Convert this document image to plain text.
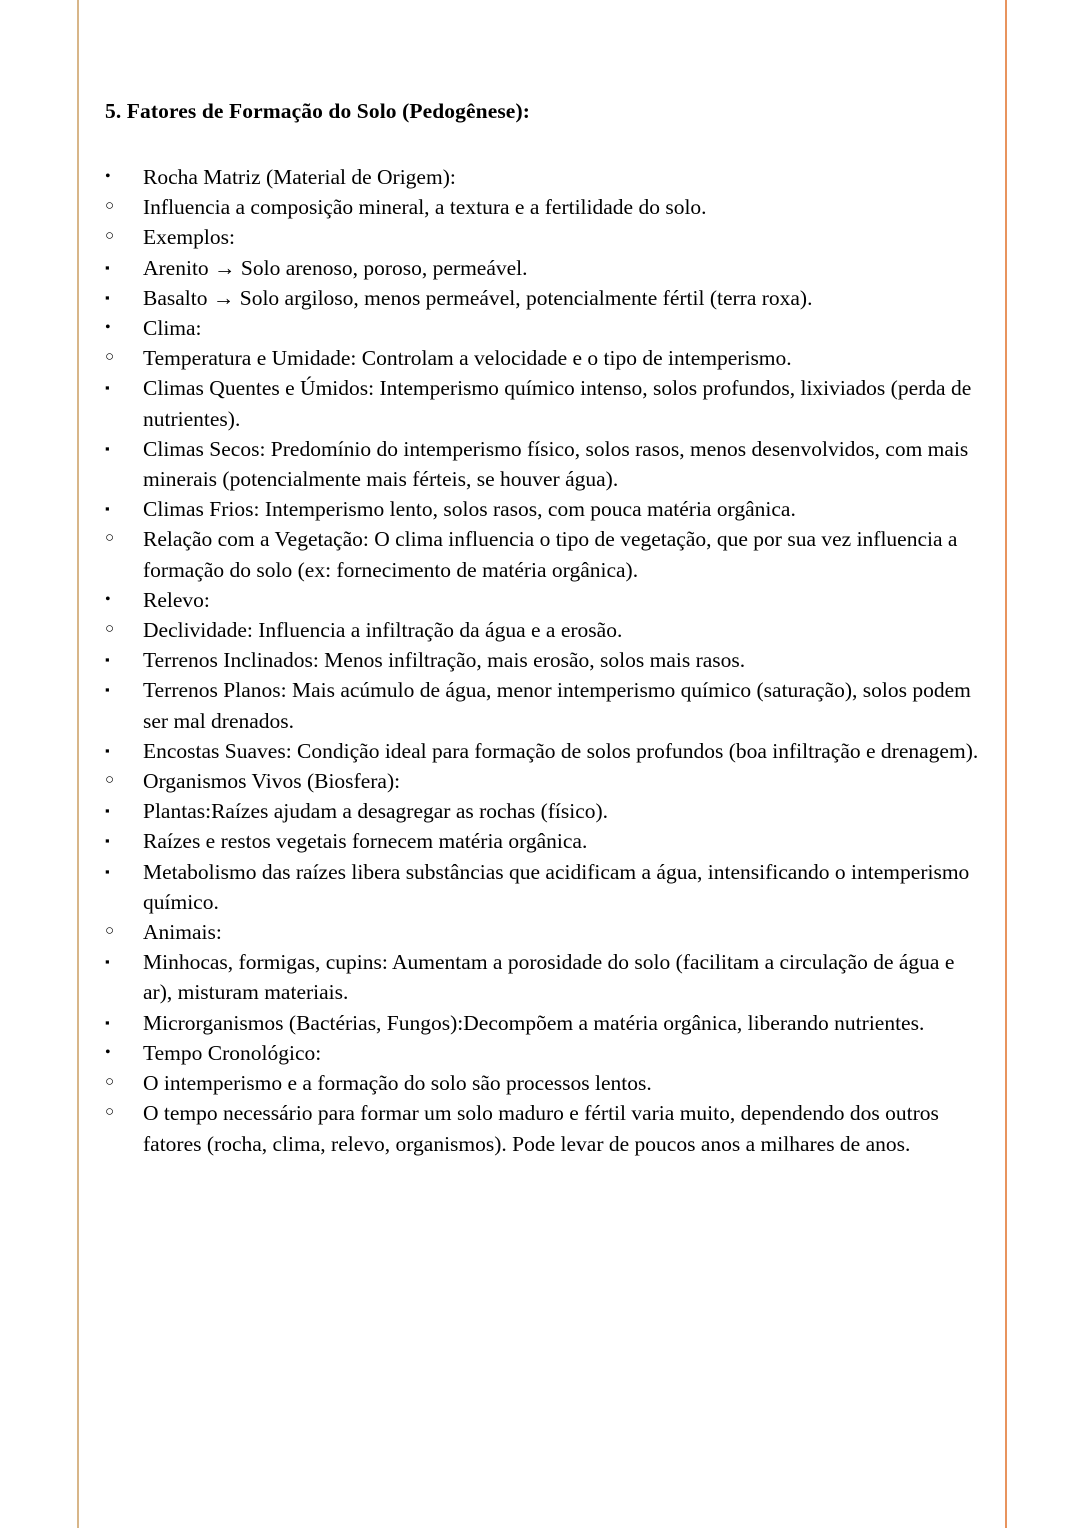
5. Fatores de Formação do Solo (Pedogênese):
•	Rocha Matriz (Material de Origem):
○	Influencia a composição mineral, a textura e a fertilidade do solo.
○	Exemplos:
▪	Arenito → Solo arenoso, poroso, permeável.
▪	Basalto → Solo argiloso, menos permeável, potencialmente fértil (terra roxa).
•	Clima:
○	Temperatura e Umidade: Controlam a velocidade e o tipo de intemperismo.
▪	Climas Quentes e Úmidos: Intemperismo químico intenso, solos profundos, lixiviados (perda de nutrientes).
▪	Climas Secos: Predomínio do intemperismo físico, solos rasos, menos desenvolvidos, com mais minerais (potencialmente mais férteis, se houver água).
▪	Climas Frios: Intemperismo lento, solos rasos, com pouca matéria orgânica.
○	Relação com a Vegetação: O clima influencia o tipo de vegetação, que por sua vez influencia a formação do solo (ex: fornecimento de matéria orgânica).
•	Relevo:
○	Declividade: Influencia a infiltração da água e a erosão.
▪	Terrenos Inclinados: Menos infiltração, mais erosão, solos mais rasos.
▪	Terrenos Planos: Mais acúmulo de água, menor intemperismo químico (saturação), solos podem ser mal drenados.
▪	Encostas Suaves: Condição ideal para formação de solos profundos (boa infiltração e drenagem).
○	Organismos Vivos (Biosfera):
▪	Plantas:Raízes ajudam a desagregar as rochas (físico).
▪	Raízes e restos vegetais fornecem matéria orgânica.
▪	Metabolismo das raízes libera substâncias que acidificam a água, intensificando o intemperismo químico.
○	Animais:
▪	Minhocas, formigas, cupins: Aumentam a porosidade do solo (facilitam a circulação de água e ar), misturam materiais.
▪	Microrganismos (Bactérias, Fungos):Decompõem a matéria orgânica, liberando nutrientes.
•	Tempo Cronológico:
○	O intemperismo e a formação do solo são processos lentos.
○	O tempo necessário para formar um solo maduro e fértil varia muito, dependendo dos outros fatores (rocha, clima, relevo, organismos). Pode levar de poucos anos a milhares de anos.
